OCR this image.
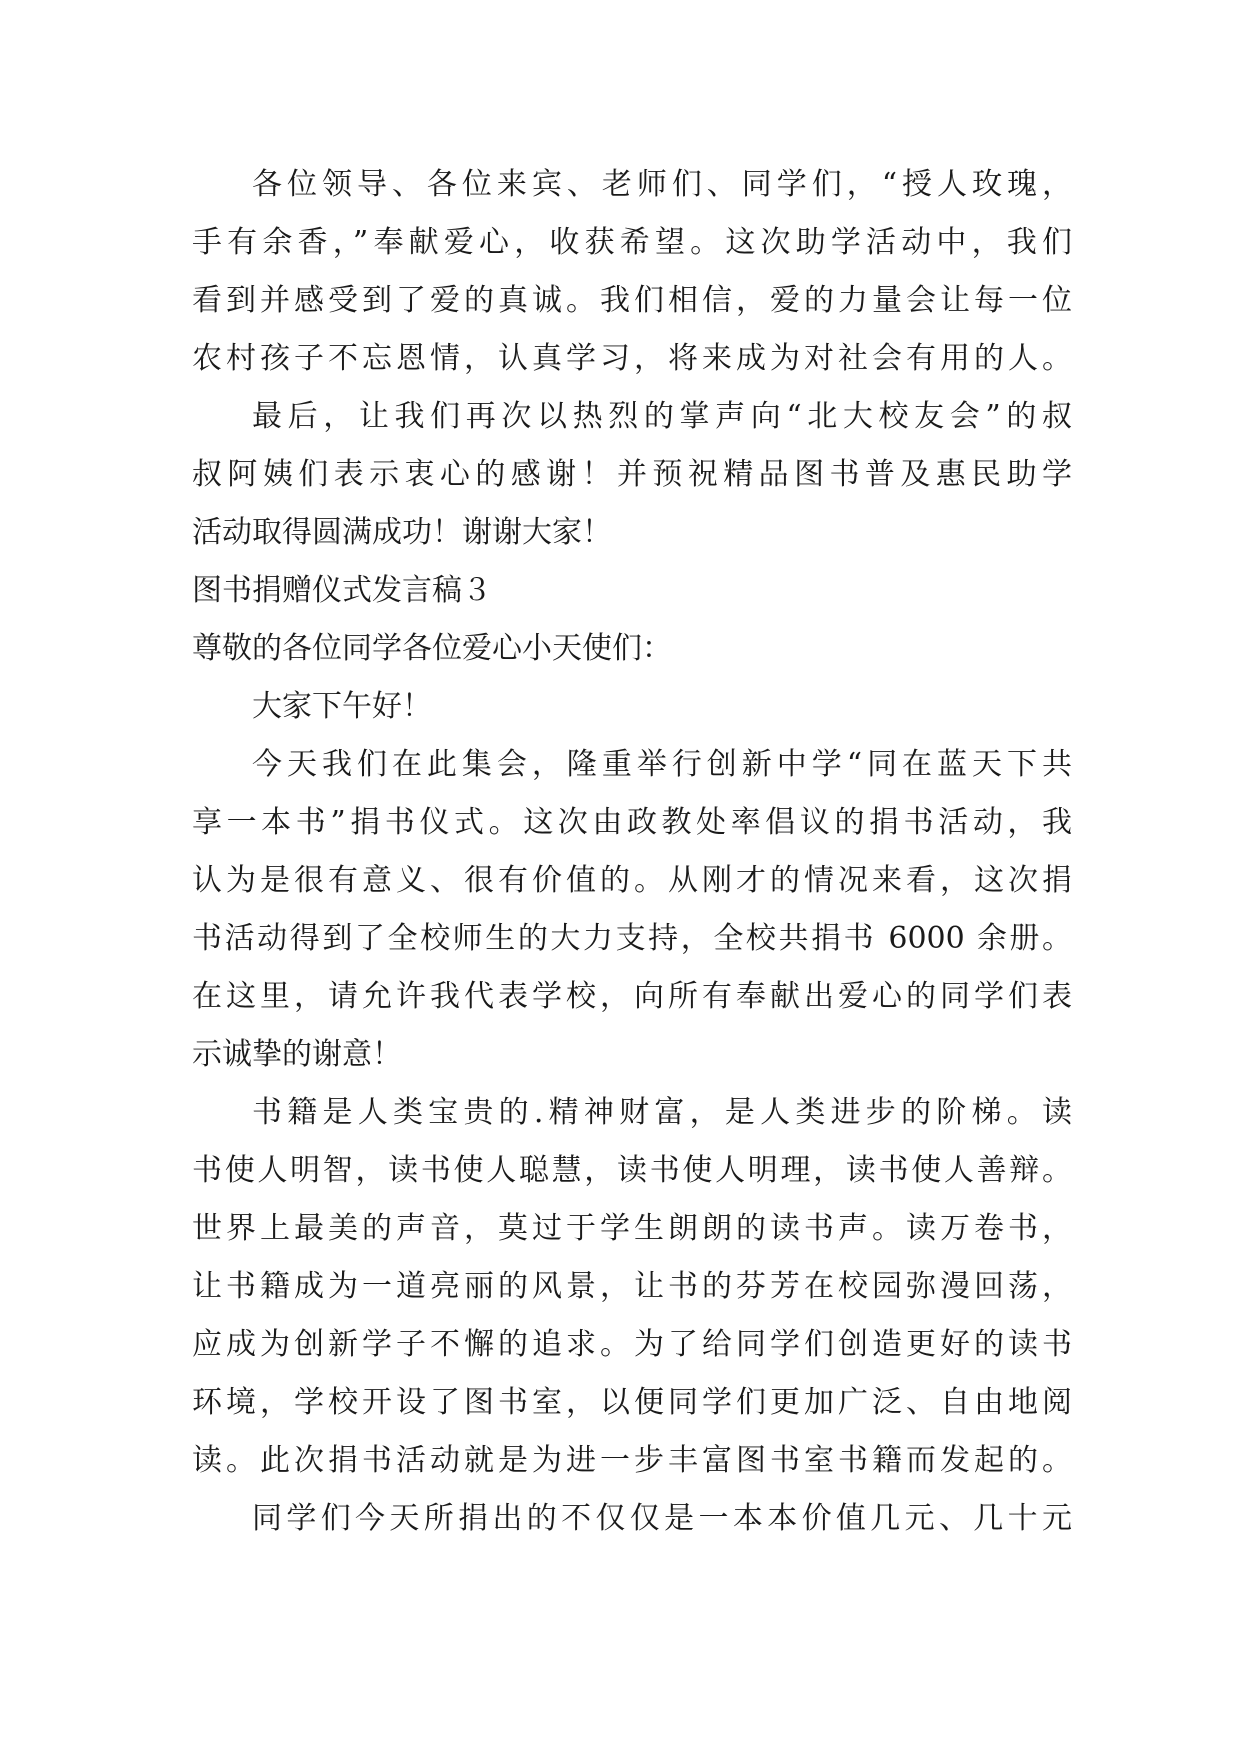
各位领导、各位来宾、老师们、同学们，“授人玫瑰，
手有余香，”奉献爱心，收获希望。这次助学活动中，我们
看到并感受到了爱的真诚。我们相信，爱的力量会让每一位
农村孩子不忘恩情，认真学习，将来成为对社会有用的人。
最后，让我们再次以热烈的掌声向“北大校友会”的叔
叔阿姨们表示衷心的感谢！并预祝精品图书普及惠民助学
活动取得圆满成功！谢谢大家！
图书捐赠仪式发言稿３
尊敬的各位同学各位爱心小天使们：
大家下午好！
今天我们在此集会，隆重举行创新中学“同在蓝天下共
享一本书”捐书仪式。这次由政教处率倡议的捐书活动，我
认为是很有意义、很有价值的。从刚才的情况来看，这次捐
书活动得到了全校师生的大力支持，全校共捐书 6000 余册。
在这里，请允许我代表学校，向所有奉献出爱心的同学们表
示诚挚的谢意！
书籍是人类宝贵的.精神财富，是人类进步的阶梯。读
书使人明智，读书使人聪慧，读书使人明理，读书使人善辩。
世界上最美的声音，莫过于学生朗朗的读书声。读万卷书，
让书籍成为一道亮丽的风景，让书的芬芳在校园弥漫回荡，
应成为创新学子不懈的追求。为了给同学们创造更好的读书
环境，学校开设了图书室，以便同学们更加广泛、自由地阅
读。此次捐书活动就是为进一步丰富图书室书籍而发起的。
同学们今天所捐出的不仅仅是一本本价值几元、几十元
